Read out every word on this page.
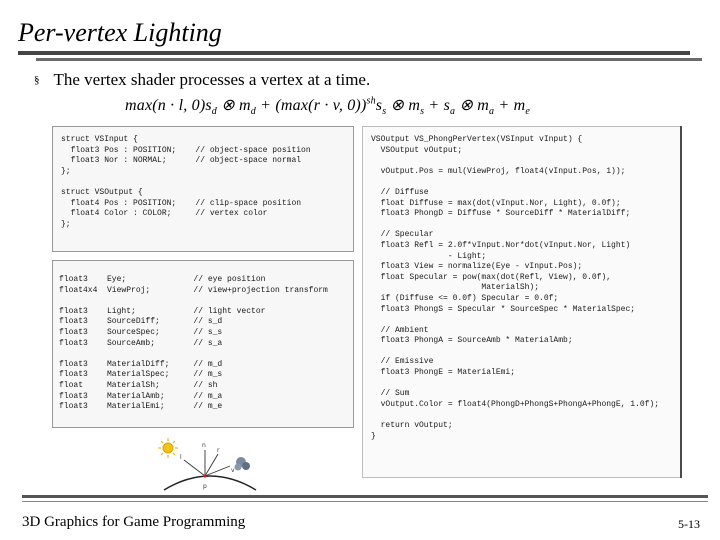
Per-vertex Lighting
§ The vertex shader processes a vertex at a time.
max(n · l, $0)s_d$ ⊗ $m_d + (\max(r \cdot v$, $0))^{sh}s_s$ ⊗ $m_s + s_a$ ⊗ $m_a + m_e$
struct VSInput {
float3 Pos : POSITION;    // object-space position
float3 Nor : NORMAL;      // object-space normal
};

struct VSOutput {
float4 Pos : POSITION;    // clip-space position
float4 Color : COLOR;     // vertex color
};
float3    Eye;              // eye position
float4x4  ViewProj;         // view+projection transform

float3    Light;            // light vector
float3    SourceDiff;       // s_d
float3    SourceSpec;       // s_s
float3    SourceAmb;        // s_a

float3    MaterialDiff;     // m_d
float3    MaterialSpec;     // m_s
float     MaterialSh;       // sh
float3    MaterialAmb;      // m_a
float3    MaterialEmi;      // m_e
VSOutput VS_PhongPerVertex(VSInput vInput) {
VSOutput vOutput;

vOutput.Pos = mul(ViewProj, float4(vInput.Pos, 1));

// Diffuse
float Diffuse = max(dot(vInput.Nor, Light), 0.0f);
float3 PhongD = Diffuse * SourceDiff * MaterialDiff;

// Specular
float3 Refl = 2.0f*vInput.Nor*dot(vInput.Nor, Light)
- Light;
float3 View = normalize(Eye - vInput.Pos);
float Specular = pow(max(dot(Refl, View), 0.0f),
MaterialSh);
if (Diffuse <= 0.0f) Specular = 0.0f;
float3 PhongS = Specular * SourceSpec * MaterialSpec;

// Ambient
float3 PhongA = SourceAmb * MaterialAmb;

// Emissive
float3 PhongE = MaterialEmi;

// Sum
vOutput.Color = float4(PhongD+PhongS+PhongA+PhongE, 1.0f);

return vOutput;
}
n
l
r
v
p
3D Graphics for Game Programming	5-13
